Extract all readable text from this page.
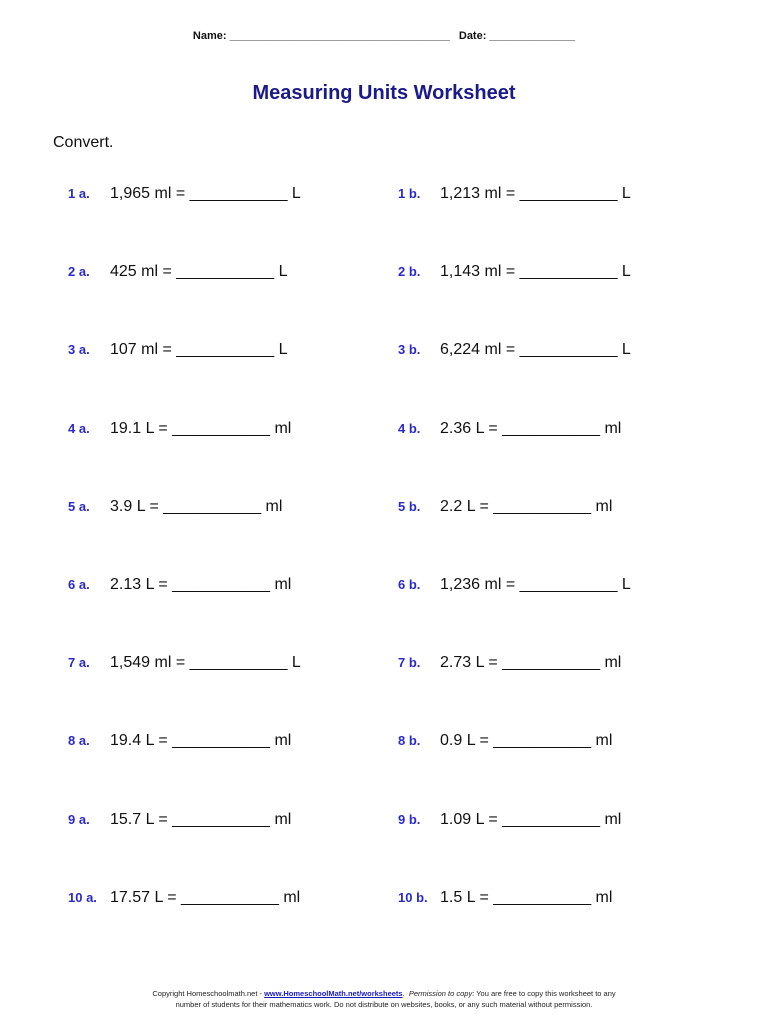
Name: ____________________________________ Date: ______________
Measuring Units Worksheet
Convert.
1 a.	1,965 ml = ___________ L	1 b.	1,213 ml = ___________ L
2 a.	425 ml = ___________ L	2 b.	1,143 ml = ___________ L
3 a.	107 ml = ___________ L	3 b.	6,224 ml = ___________ L
4 a.	19.1 L = ___________ ml	4 b.	2.36 L = ___________ ml
5 a.	3.9 L = ___________ ml	5 b.	2.2 L = ___________ ml
6 a.	2.13 L = ___________ ml	6 b.	1,236 ml = ___________ L
7 a.	1,549 ml = ___________ L	7 b.	2.73 L = ___________ ml
8 a.	19.4 L = ___________ ml	8 b.	0.9 L = ___________ ml
9 a.	15.7 L = ___________ ml	9 b.	1.09 L = ___________ ml
10 a. 17.57 L = ___________ ml	10 b. 1.5 L = ___________ ml
Copyright Homeschoolmath.net - www.HomeschoolMath.net/worksheets.  Permission to copy: You are free to copy this worksheet to any
number of students for their mathematics work. Do not distribute on websites, books, or any such material without permission.
